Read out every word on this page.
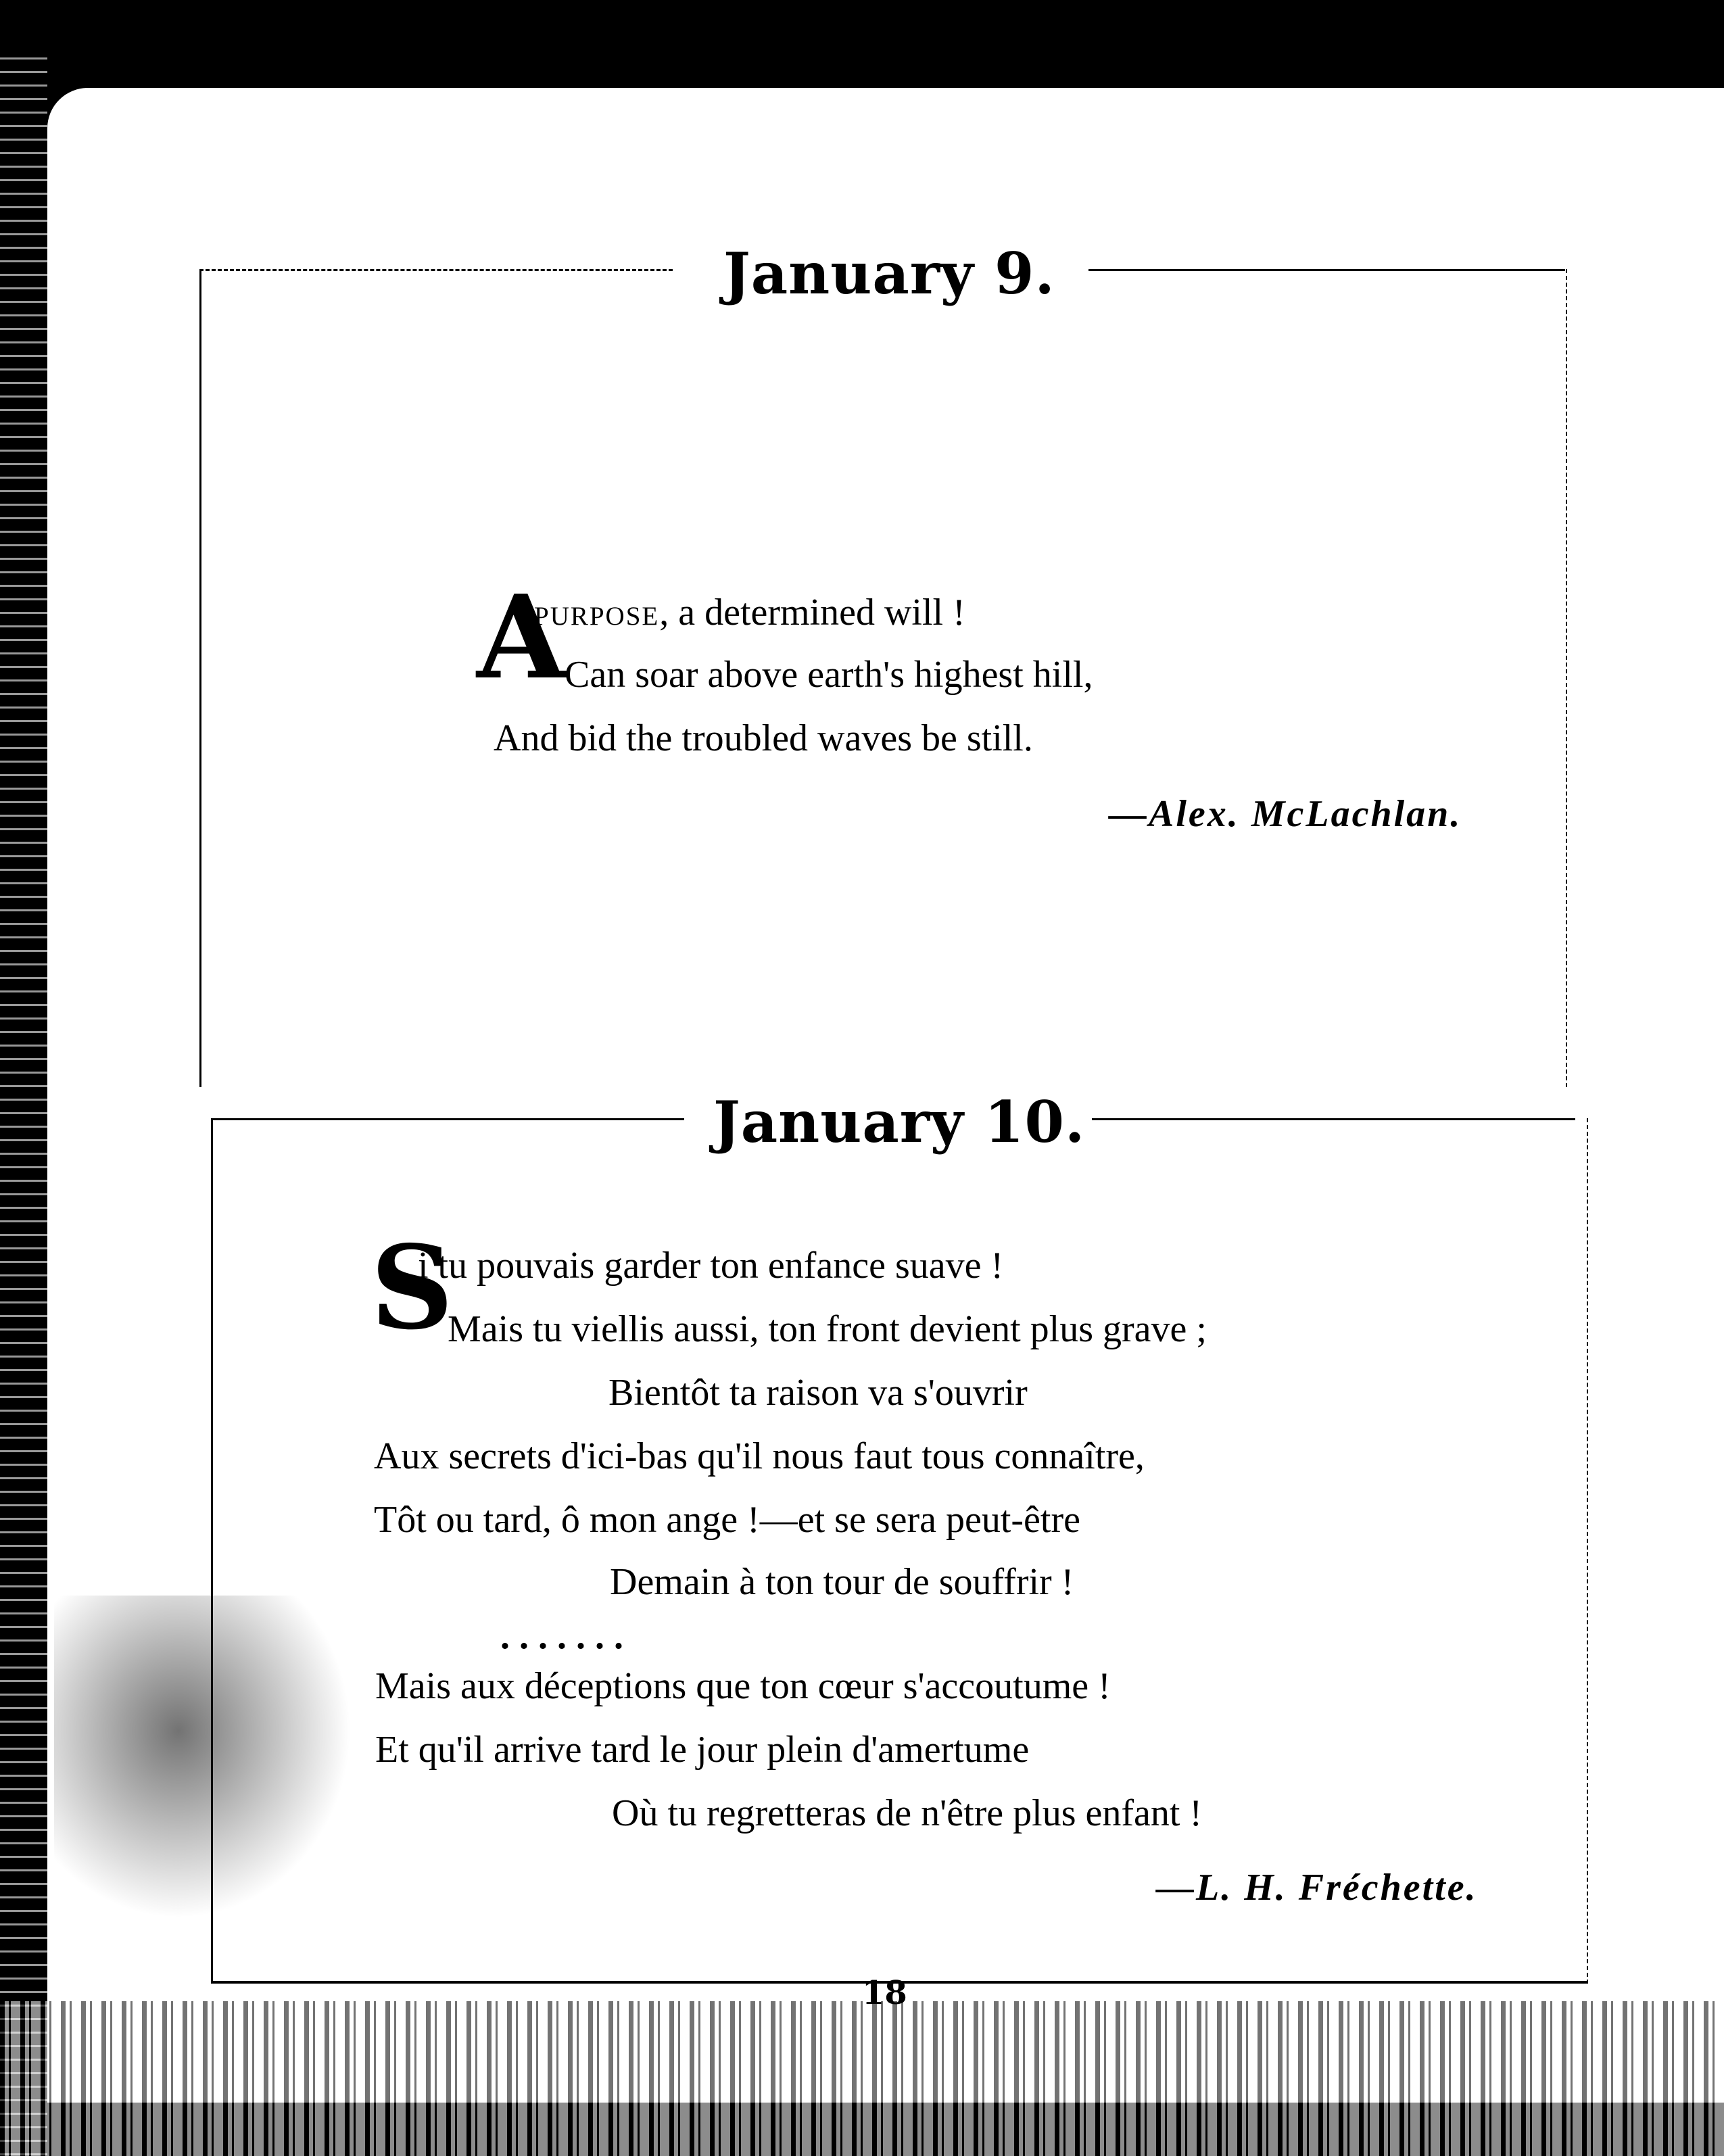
January 9.
A
purpose, a determined will !
Can soar above earth's highest hill,
And bid the troubled waves be still.
—Alex. McLachlan.
January 10.
S
i tu pouvais garder ton enfance suave !
Mais tu viellis aussi, ton front devient plus grave ;
Bientôt ta raison va s'ouvrir
Aux secrets d'ici-bas qu'il nous faut tous connaître,
Tôt ou tard, ô mon ange !—et se sera peut-être
Demain à ton tour de souffrir !
. . . . . . .
Mais aux déceptions que ton cœur s'accoutume !
Et qu'il arrive tard le jour plein d'amertume
Où tu regretteras de n'être plus enfant !
—L. H. Fréchette.
18
